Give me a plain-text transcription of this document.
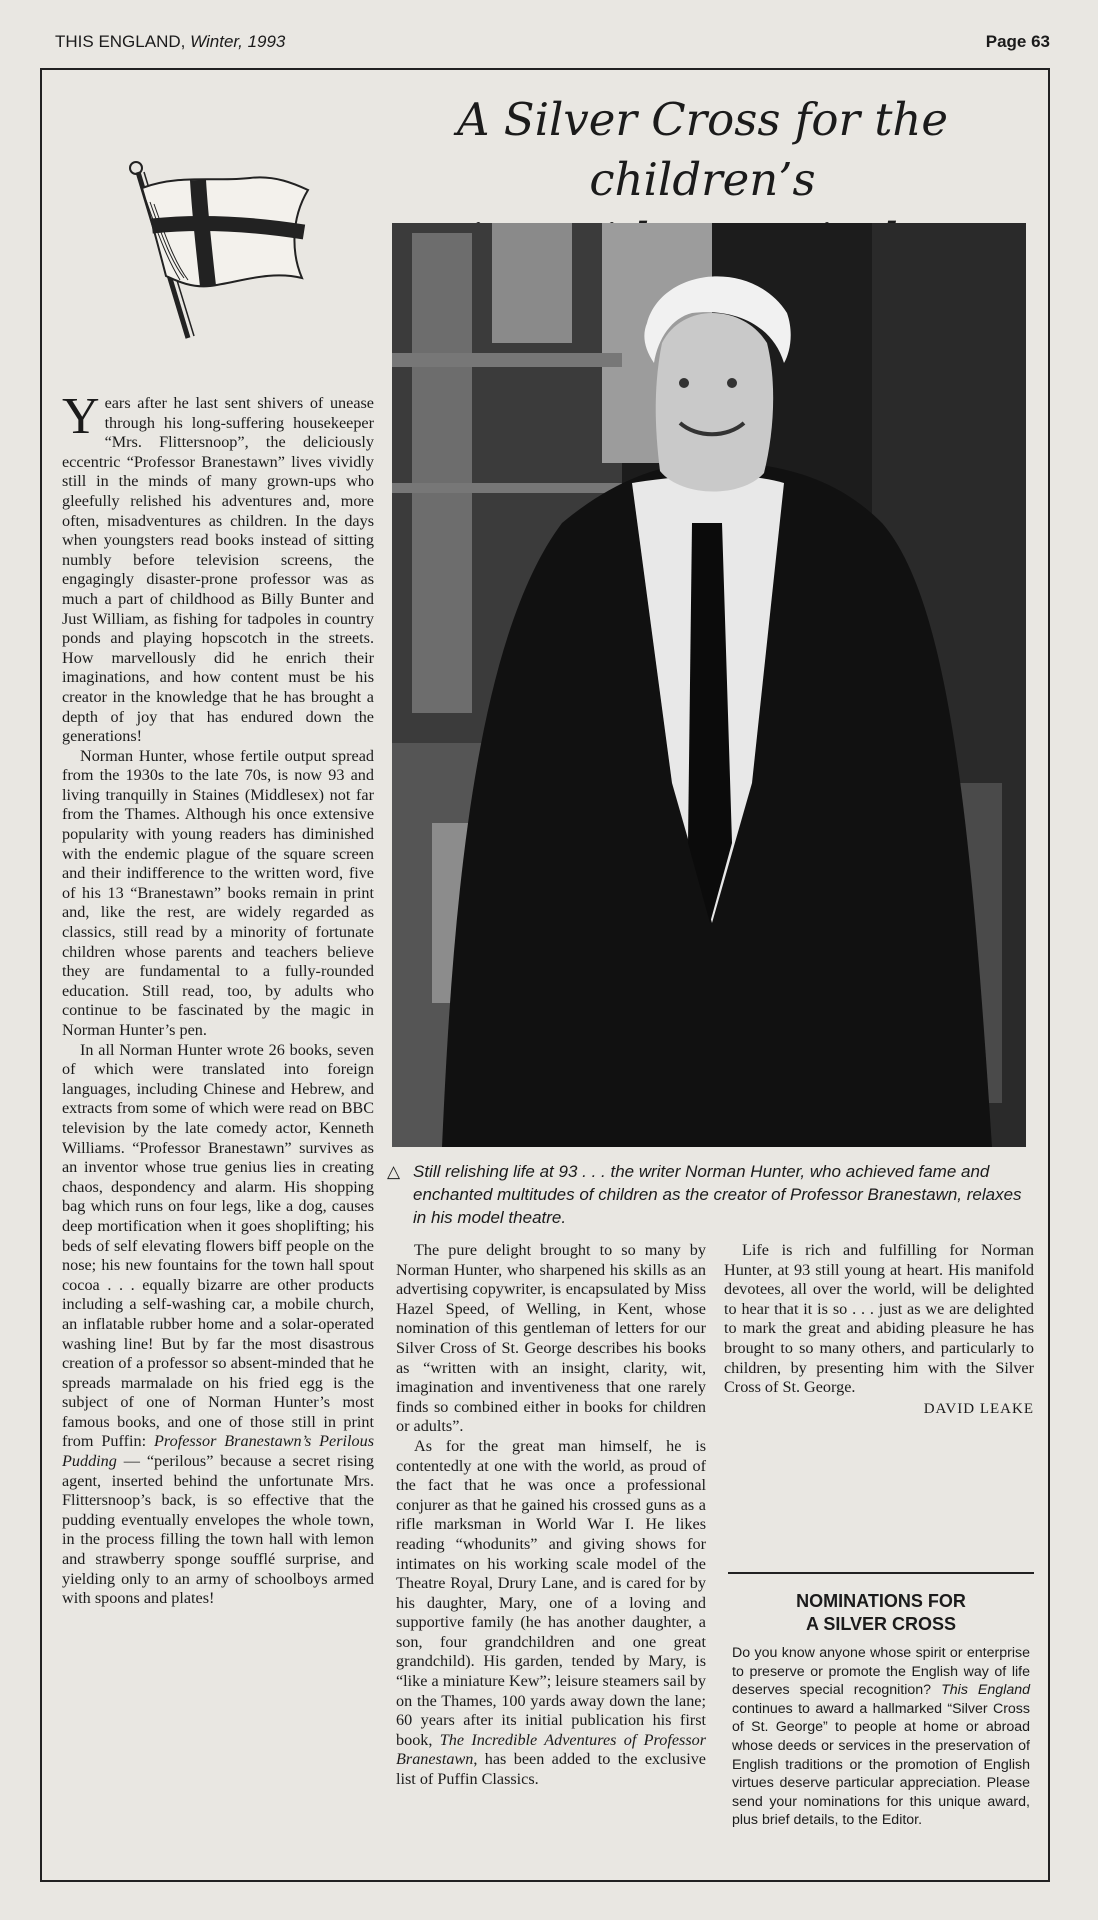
THIS ENGLAND, Winter, 1993	Page 63
A Silver Cross for the children’s

△ Still relishing life at 93 . . . the writer Norman Hunter, who achieved fame and enchanted multitudes of children as the creator of Professor Branestawn, relaxes in his model theatre.

Years after he last sent shivers of unease through his long-suffering housekeeper “Mrs. Flittersnoop”, the deliciously eccentric “Professor Branestawn” lives vividly still in the minds of many grown-ups who gleefully relished his adventures and, more often, misadventures as children. In the days when youngsters read books instead of sitting numbly before television screens, the engagingly disaster-prone professor was as much a part of childhood as Billy Bunter and Just William, as fishing for tadpoles in country ponds and playing hopscotch in the streets. How marvellously did he enrich their imaginations, and how content must be his creator in the knowledge that he has brought a depth of joy that has endured down the generations!

Norman Hunter, whose fertile output spread from the 1930s to the late 70s, is now 93 and living tranquilly in Staines (Middlesex) not far from the Thames. Although his once extensive popularity with young readers has diminished with the endemic plague of the square screen and their indifference to the written word, five of his 13 “Branestawn” books remain in print and, like the rest, are widely regarded as classics, still read by a minority of fortunate children whose parents and teachers believe they are fundamental to a fully-rounded education. Still read, too, by adults who continue to be fascinated by the magic in Norman Hunter’s pen.

In all Norman Hunter wrote 26 books, seven of which were translated into foreign languages, including Chinese and Hebrew, and extracts from some of which were read on BBC television by the late comedy actor, Kenneth Williams. “Professor Branestawn” survives as an inventor whose true genius lies in creating chaos, despondency and alarm. His shopping bag which runs on four legs, like a dog, causes deep mortification when it goes shoplifting; his beds of self elevating flowers biff people on the nose; his new fountains for the town hall spout cocoa . . . equally bizarre are other products including a self-washing car, a mobile church, an inflatable rubber home and a solar-operated washing line! But by far the most disastrous creation of a professor so absent-minded that he spreads marmalade on his fried egg is the subject of one of Norman Hunter’s most famous books, and one of those still in print from Puffin: Professor Branestawn’s Perilous Pudding — “perilous” because a secret rising agent, inserted behind the unfortunate Mrs. Flittersnoop’s back, is so effective that the pudding eventually envelopes the whole town, in the process filling the town hall with lemon and strawberry sponge soufflé surprise, and yielding only to an army of schoolboys armed with spoons and plates!

The pure delight brought to so many by Norman Hunter, who sharpened his skills as an advertising copywriter, is encapsulated by Miss Hazel Speed, of Welling, in Kent, whose nomination of this gentleman of letters for our Silver Cross of St. George describes his books as “written with an insight, clarity, wit, imagination and inventiveness that one rarely finds so combined either in books for children or adults”.

As for the great man himself, he is contentedly at one with the world, as proud of the fact that he was once a professional conjurer as that he gained his crossed guns as a rifle marksman in World War I. He likes reading “whodunits” and giving shows for intimates on his working scale model of the Theatre Royal, Drury Lane, and is cared for by his daughter, Mary, one of a loving and supportive family (he has another daughter, a son, four grandchildren and one great grandchild). His garden, tended by Mary, is “like a miniature Kew”; leisure steamers sail by on the Thames, 100 yards away down the lane; 60 years after its initial publication his first book, The Incredible Adventures of Professor Branestawn, has been added to the exclusive list of Puffin Classics.

Life is rich and fulfilling for Norman Hunter, at 93 still young at heart. His manifold devotees, all over the world, will be delighted to hear that it is so . . . just as we are delighted to mark the great and abiding pleasure he has brought to so many others, and particularly to children, by presenting him with the Silver Cross of St. George.

DAVID LEAKE
NOMINATIONS FOR
A SILVER CROSS
Do you know anyone whose spirit or enterprise to preserve or promote the English way of life deserves special recognition? This England continues to award a hallmarked “Silver Cross of St. George” to people at home or abroad whose deeds or services in the preservation of English traditions or the promotion of English virtues deserve particular appreciation. Please send your nominations for this unique award, plus brief details, to the Editor.
